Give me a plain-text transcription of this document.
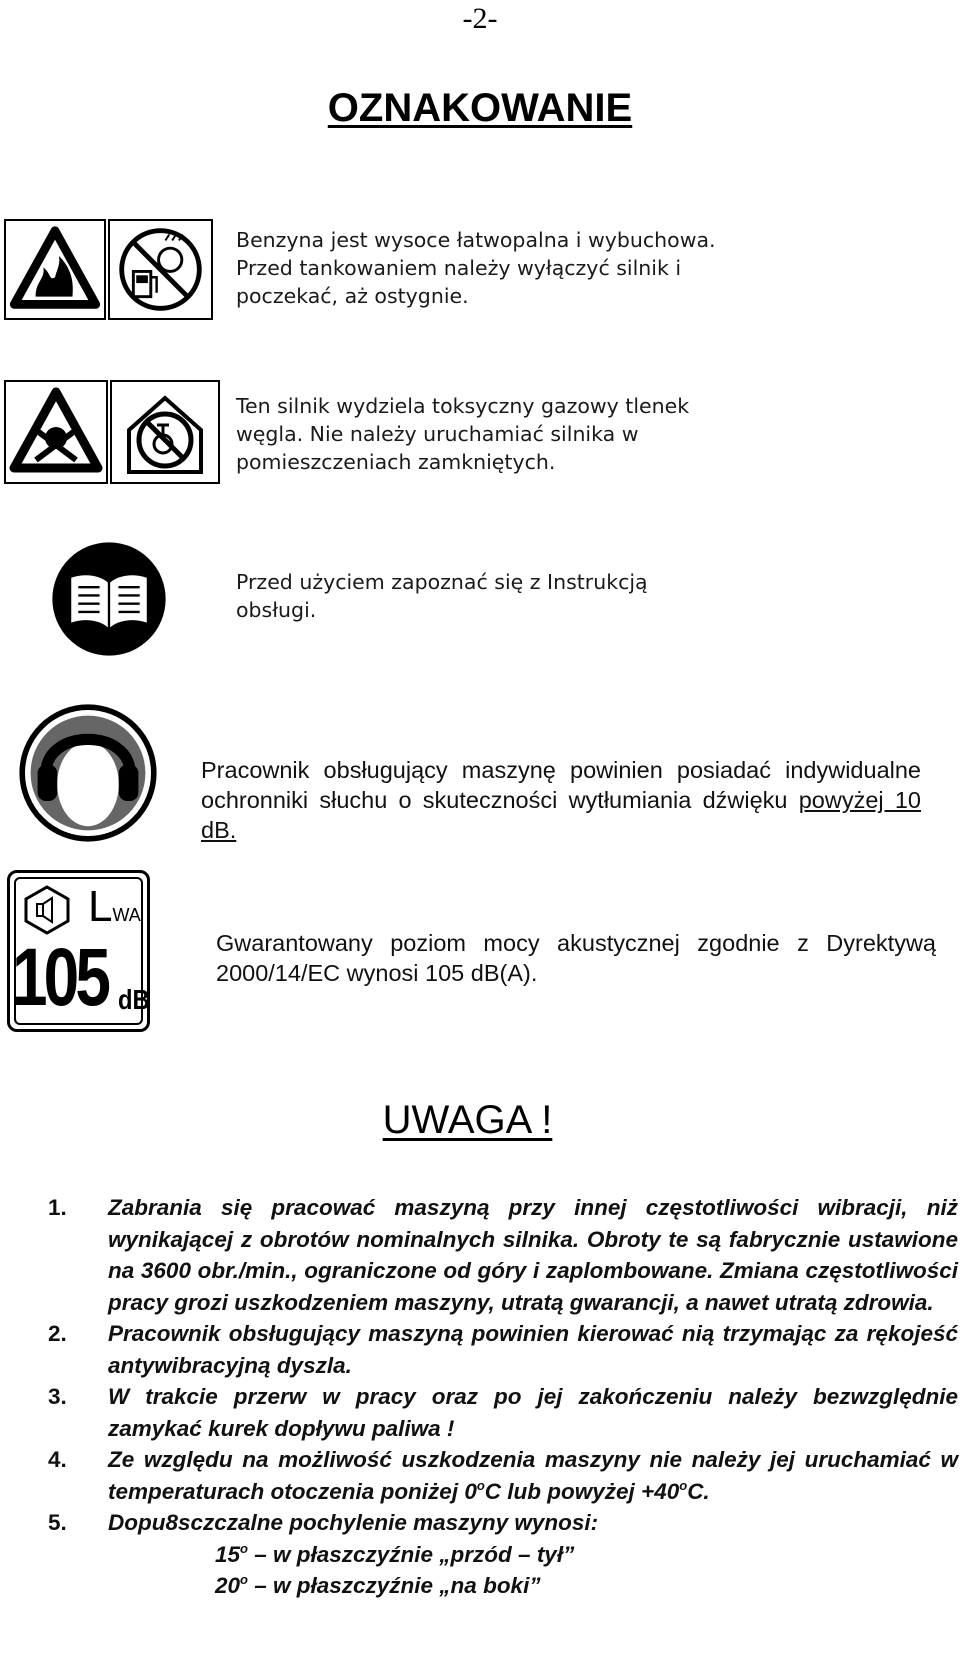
-2-
OZNAKOWANIE
Benzyna jest wysoce łatwopalna i wybuchowa.
Przed tankowaniem należy wyłączyć silnik i
poczekać, aż ostygnie.
Ten silnik wydziela toksyczny gazowy tlenek
węgla. Nie należy uruchamiać silnika w
pomieszczeniach zamkniętych.
Przed użyciem zapoznać się z Instrukcją
obsługi.
Pracownik obsługujący maszynę powinien posiadać indywidualne ochronniki słuchu o skuteczności wytłumiania dźwięku powyżej 10 dB.
LWA
105 dB
Gwarantowany poziom mocy akustycznej zgodnie z Dyrektywą 2000/14/EC wynosi 105 dB(A).
UWAGA !
1.	Zabrania się pracować maszyną przy innej częstotliwości wibracji, niż wynikającej z obrotów nominalnych silnika. Obroty te są fabrycznie ustawione na 3600 obr./min., ograniczone od góry i zaplombowane. Zmiana częstotliwości pracy grozi uszkodzeniem maszyny, utratą gwarancji, a nawet utratą zdrowia.
2.	Pracownik obsługujący maszyną powinien kierować nią trzymając za rękojeść antywibracyjną dyszla.
3.	W trakcie przerw w pracy oraz po jej zakończeniu należy bezwzględnie zamykać kurek dopływu paliwa !
4.	Ze względu na możliwość uszkodzenia maszyny nie należy jej uruchamiać w temperaturach otoczenia poniżej 0$^o$C lub powyżej $+40^oC$.
5.	Dopu8sczczalne pochylenie maszyny wynosi:
15$^o$ – w płaszczyźnie „przód – tył”
20$^o$ – w płaszczyźnie „na boki”
